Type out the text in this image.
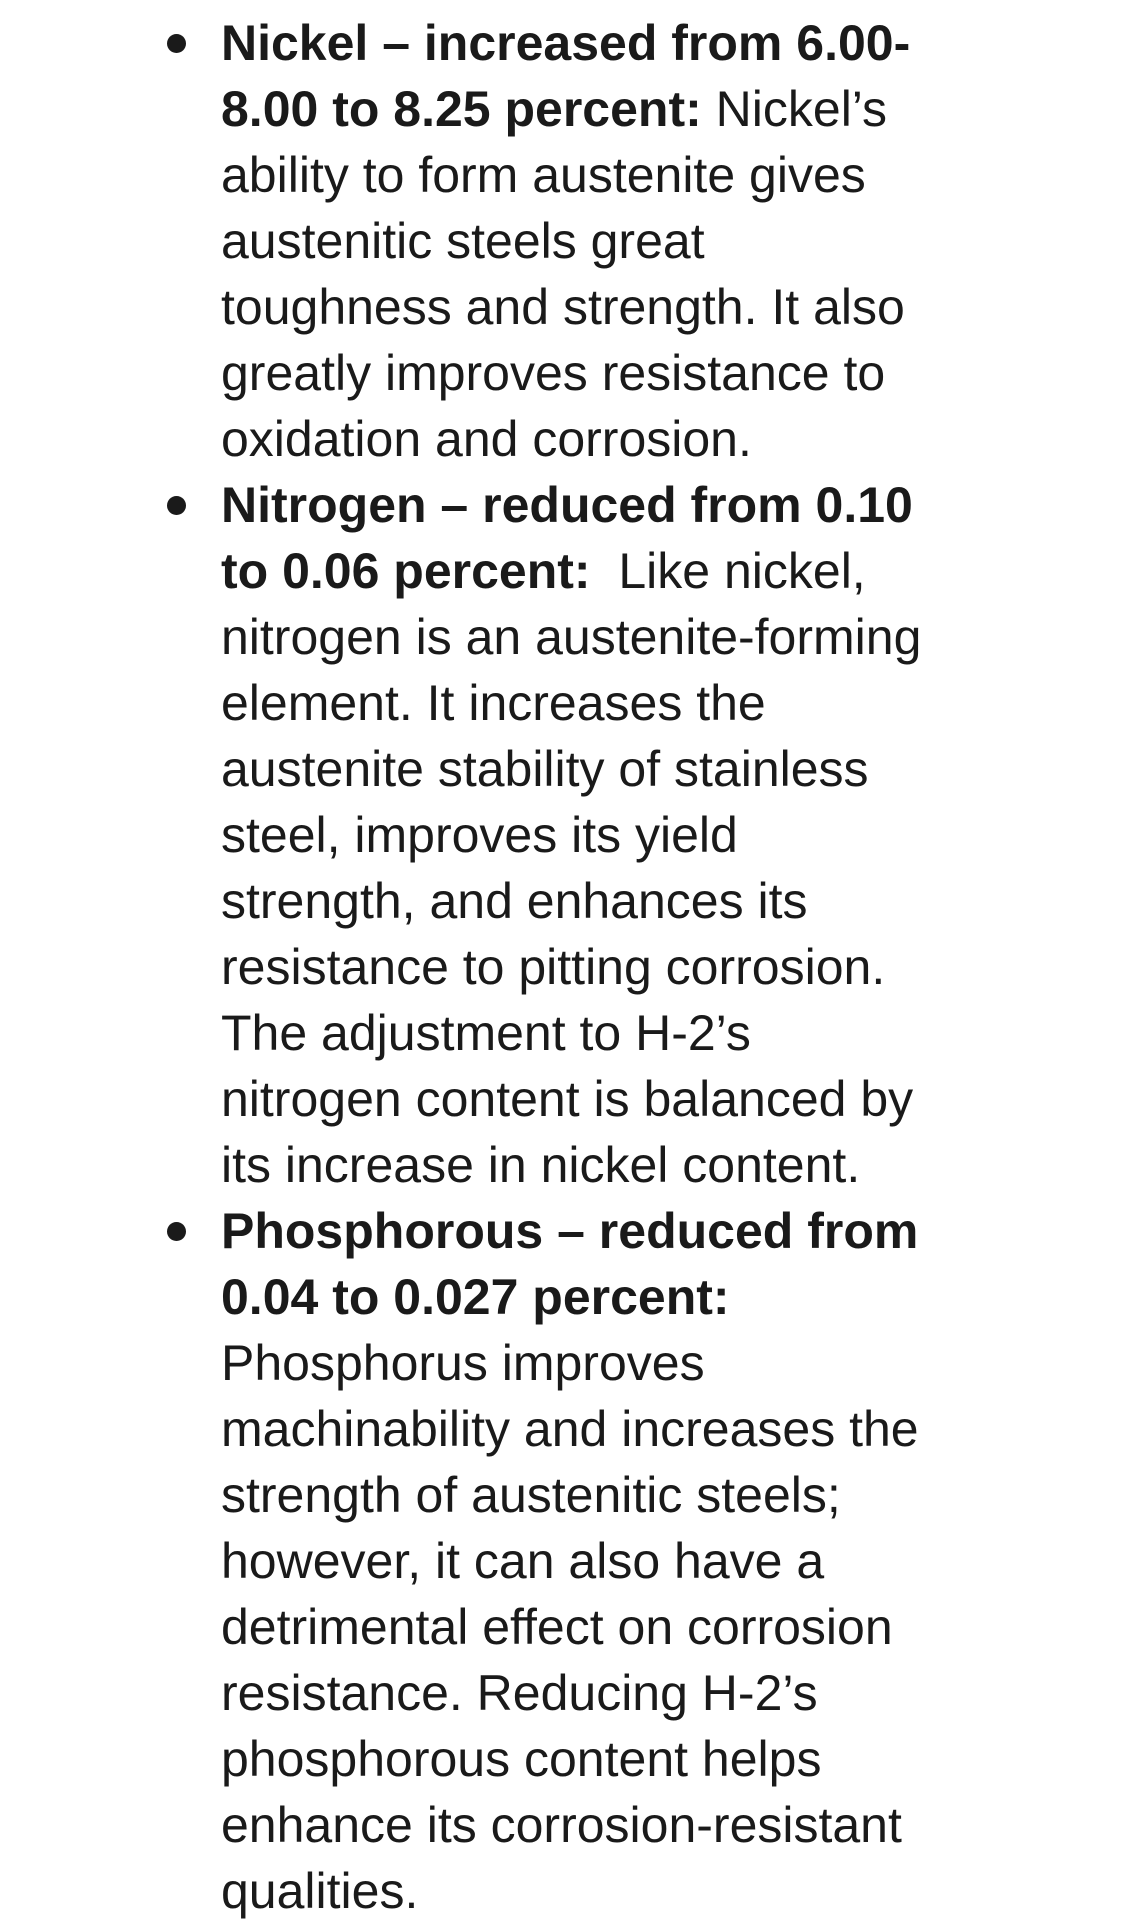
Nickel – increased from 6.00-
8.00 to 8.25 percent: Nickel’s
ability to form austenite gives
austenitic steels great
toughness and strength. It also
greatly improves resistance to
oxidation and corrosion.
Nitrogen – reduced from 0.10
to 0.06 percent: Like nickel,
nitrogen is an austenite-forming
element. It increases the
austenite stability of stainless
steel, improves its yield
strength, and enhances its
resistance to pitting corrosion.
The adjustment to H-2’s
nitrogen content is balanced by
its increase in nickel content.
Phosphorous – reduced from
0.04 to 0.027 percent:
Phosphorus improves
machinability and increases the
strength of austenitic steels;
however, it can also have a
detrimental effect on corrosion
resistance. Reducing H-2’s
phosphorous content helps
enhance its corrosion-resistant
qualities.
